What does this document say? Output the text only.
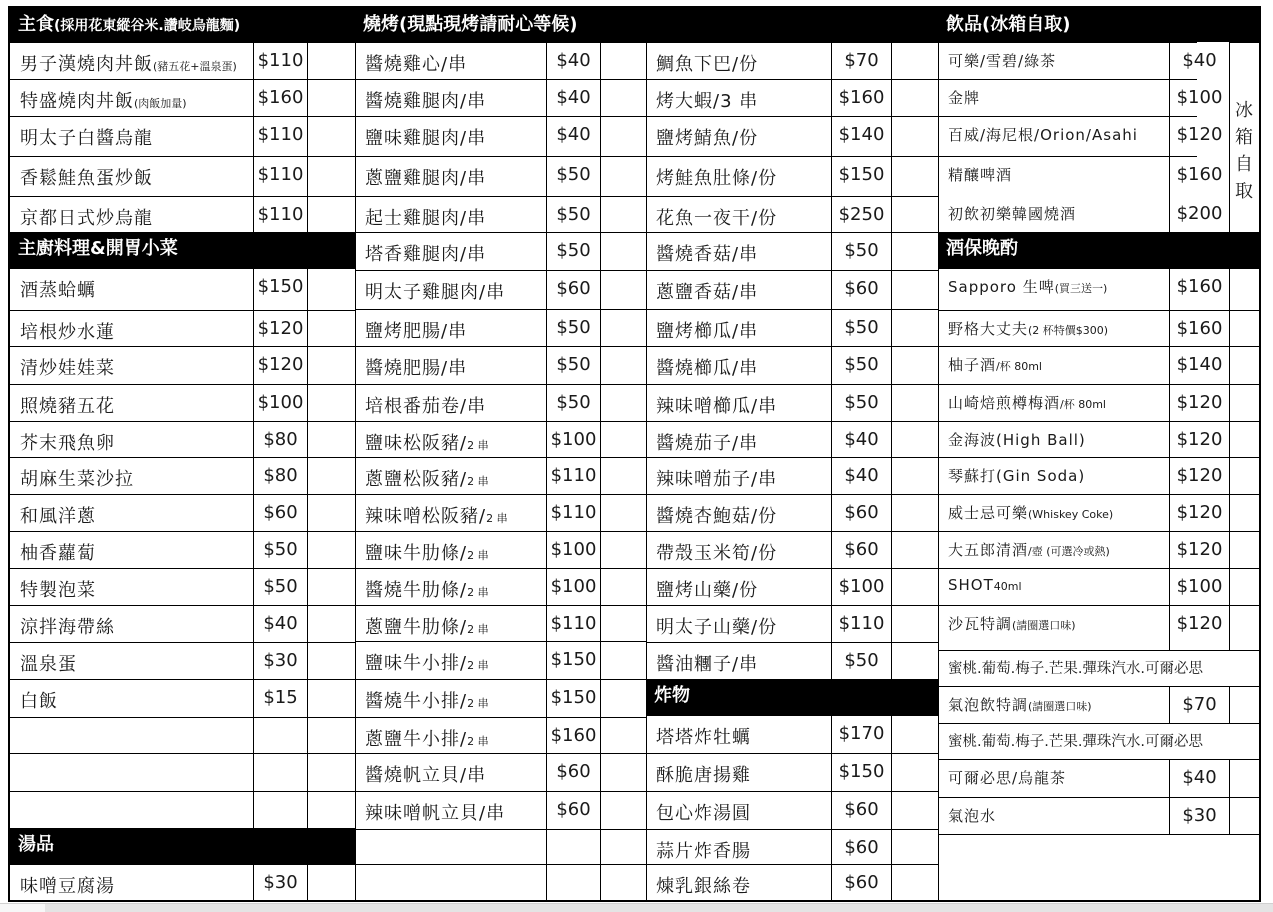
主食(採用花東縱谷米.讚岐烏龍麵)
男子漢燒肉丼飯(豬五花+溫泉蛋)	$110
特盛燒肉丼飯(肉飯加量)	$160
明太子白醬烏龍	$110
香鬆鮭魚蛋炒飯	$110
京都日式炒烏龍	$110
主廚料理&開胃小菜
酒蒸蛤蠣	$150
培根炒水蓮	$120
清炒娃娃菜	$120
照燒豬五花	$100
芥末飛魚卵	$80
胡麻生菜沙拉	$80
和風洋蔥	$60
柚香蘿蔔	$50
特製泡菜	$50
涼拌海帶絲	$40
溫泉蛋	$30
白飯	$15
湯品
味噌豆腐湯	$30
燒烤(現點現烤請耐心等候)
醬燒雞心/串	$40
醬燒雞腿肉/串	$40
鹽味雞腿肉/串	$40
蔥鹽雞腿肉/串	$50
起士雞腿肉/串	$50
塔香雞腿肉/串	$50
明太子雞腿肉/串	$60
鹽烤肥腸/串	$50
醬燒肥腸/串	$50
培根番茄卷/串	$50
鹽味松阪豬/2 串	$100
蔥鹽松阪豬/2 串	$110
辣味噌松阪豬/2 串	$110
鹽味牛肋條/2 串	$100
醬燒牛肋條/2 串	$100
蔥鹽牛肋條/2 串	$110
鹽味牛小排/2 串	$150
醬燒牛小排/2 串	$150
蔥鹽牛小排/2 串	$160
醬燒帆立貝/串	$60
辣味噌帆立貝/串	$60
鯛魚下巴/份	$70
烤大蝦/3 串	$160
鹽烤鯖魚/份	$140
烤鮭魚肚條/份	$150
花魚一夜干/份	$250
醬燒香菇/串	$50
蔥鹽香菇/串	$60
鹽烤櫛瓜/串	$50
醬燒櫛瓜/串	$50
辣味噌櫛瓜/串	$50
醬燒茄子/串	$40
辣味噌茄子/串	$40
醬燒杏鮑菇/份	$60
帶殼玉米筍/份	$60
鹽烤山藥/份	$100
明太子山藥/份	$110
醬油糰子/串	$50
炸物
塔塔炸牡蠣	$170
酥脆唐揚雞	$150
包心炸湯圓	$60
蒜片炸香腸	$60
煉乳銀絲卷	$60
飲品(冰箱自取)
可樂/雪碧/綠茶	$40
金牌	$100
百威/海尼根/Orion/Asahi	$120
精釀啤酒	$160
初飲初樂韓國燒酒	$200
冰
箱
自
取
酒保晚酌
Sapporo 生啤(買三送一)	$160
野格大丈夫(2 杯特價$300)	$160
柚子酒/杯 80ml	$140
山崎焙煎樽梅酒/杯 80ml	$120
金海波(High Ball)	$120
琴蘇打(Gin Soda)	$120
威士忌可樂(Whiskey Coke)	$120
大五郎清酒/壺 (可選冷或熱)	$120
SHOT40ml	$100
沙瓦特調(請圈選口味)	$120
蜜桃.葡萄.梅子.芒果.彈珠汽水.可爾必思
氣泡飲特調(請圈選口味)	$70
蜜桃.葡萄.梅子.芒果.彈珠汽水.可爾必思
可爾必思/烏龍茶	$40
氣泡水	$30
